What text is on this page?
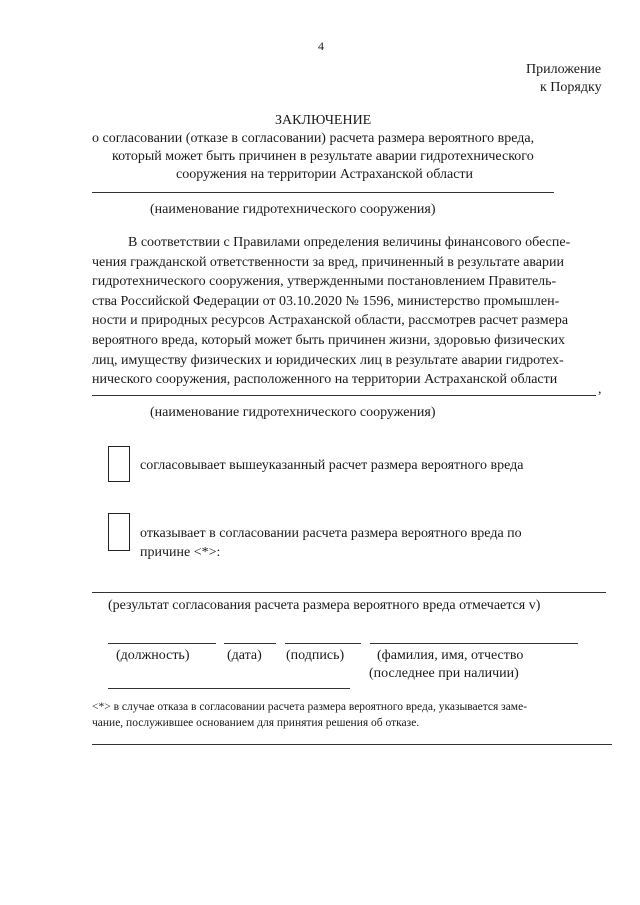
4
Приложение
к Порядку
ЗАКЛЮЧЕНИЕ
о согласовании (отказе в согласовании) расчета размера вероятного вреда,
который может быть причинен в результате аварии гидротехнического
сооружения на территории Астраханской области
(наименование гидротехнического сооружения)
В соответствии с Правилами определения величины финансового обеспе-
чения гражданской ответственности за вред, причиненный в результате аварии
гидротехнического сооружения, утвержденными постановлением Правитель-
ства Российской Федерации от 03.10.2020 № 1596, министерство промышлен-
ности и природных ресурсов Астраханской области, рассмотрев расчет размера
вероятного вреда, который может быть причинен жизни, здоровью физических
лиц, имуществу физических и юридических лиц в результате аварии гидротех-
нического сооружения, расположенного на территории Астраханской области
,
(наименование гидротехнического сооружения)
согласовывает вышеуказанный расчет размера вероятного вреда
отказывает в согласовании расчета размера вероятного вреда по
причине <*>:
(результат согласования расчета размера вероятного вреда отмечается v)
(должность)	(дата) (подпись) (фамилия, имя, отчество
(последнее при наличии)
<*> в случае отказа в согласовании расчета размера вероятного вреда, указывается заме-
чание, послужившее основанием для принятия решения об отказе.
